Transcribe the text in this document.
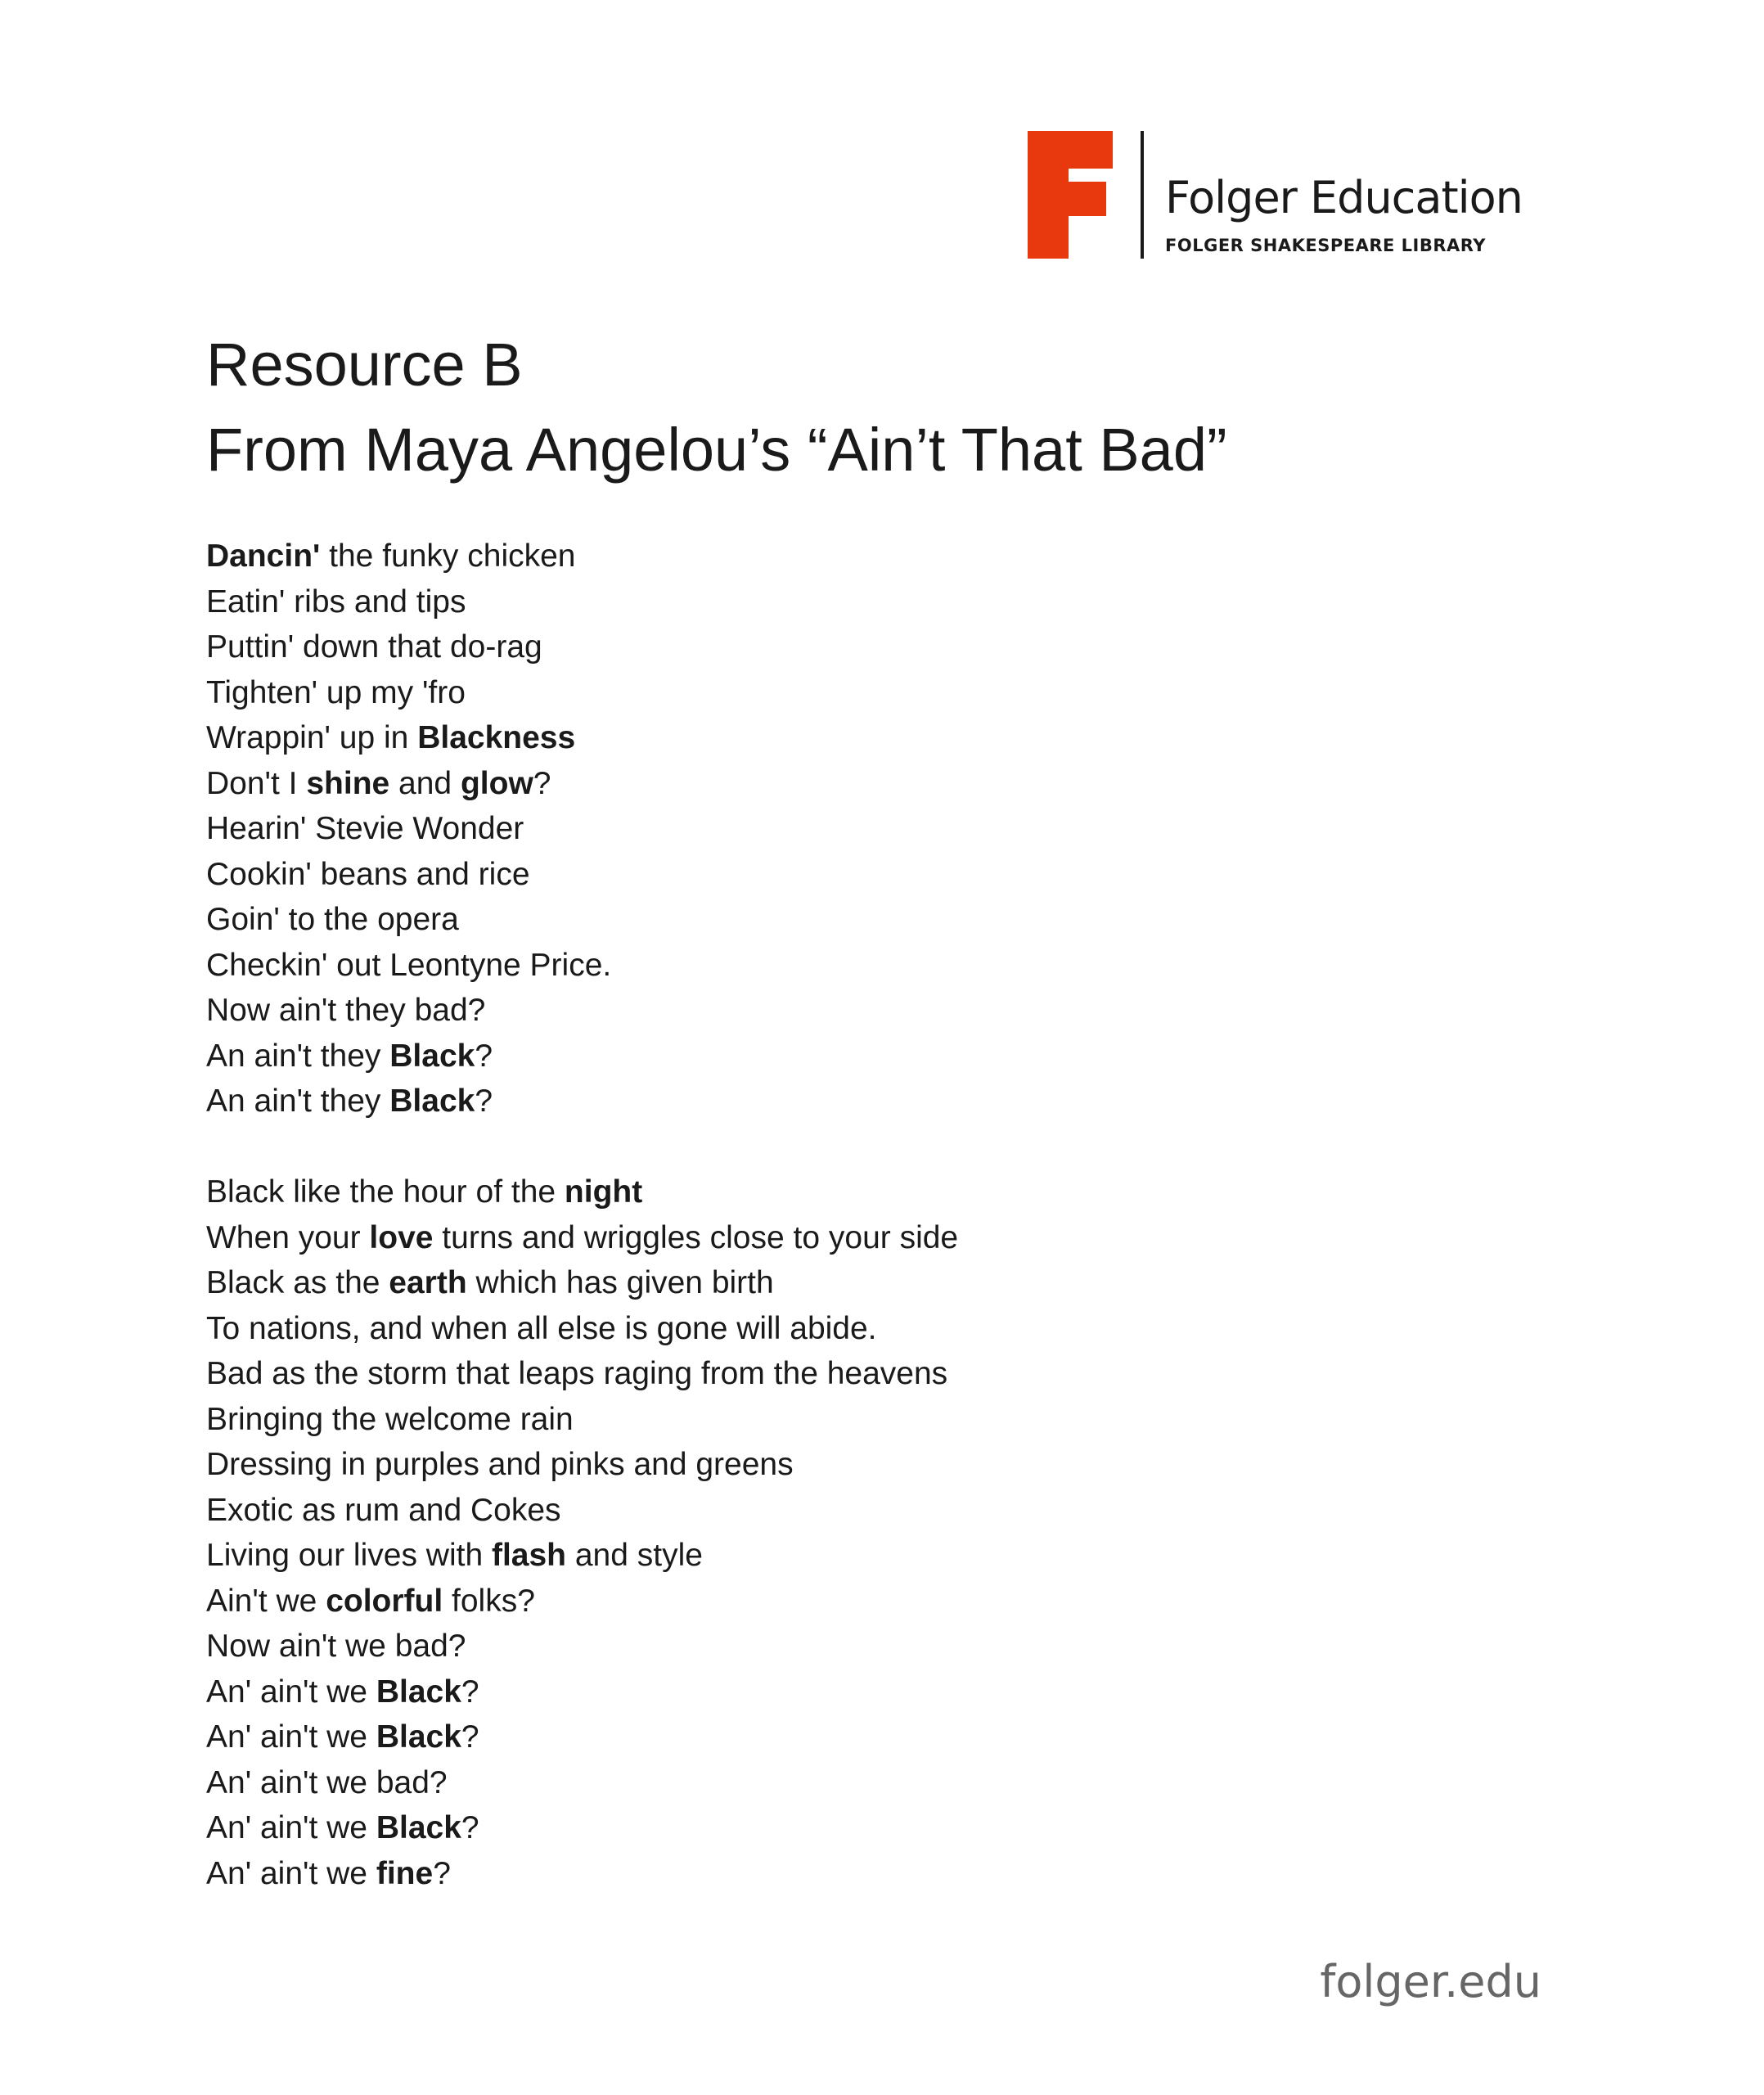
Folger Education
FOLGER SHAKESPEARE LIBRARY
Resource B
From Maya Angelou’s “Ain’t That Bad”
Dancin' the funky chicken
Eatin' ribs and tips
Puttin' down that do-rag
Tighten' up my 'fro
Wrappin' up in Blackness
Don't I shine and glow?
Hearin' Stevie Wonder
Cookin' beans and rice
Goin' to the opera
Checkin' out Leontyne Price.
Now ain't they bad?
An ain't they Black?
An ain't they Black?
Black like the hour of the night
When your love turns and wriggles close to your side
Black as the earth which has given birth
To nations, and when all else is gone will abide.
Bad as the storm that leaps raging from the heavens
Bringing the welcome rain
Dressing in purples and pinks and greens
Exotic as rum and Cokes
Living our lives with flash and style
Ain't we colorful folks?
Now ain't we bad?
An' ain't we Black?
An' ain't we Black?
An' ain't we bad?
An' ain't we Black?
An' ain't we fine?
folger.edu
